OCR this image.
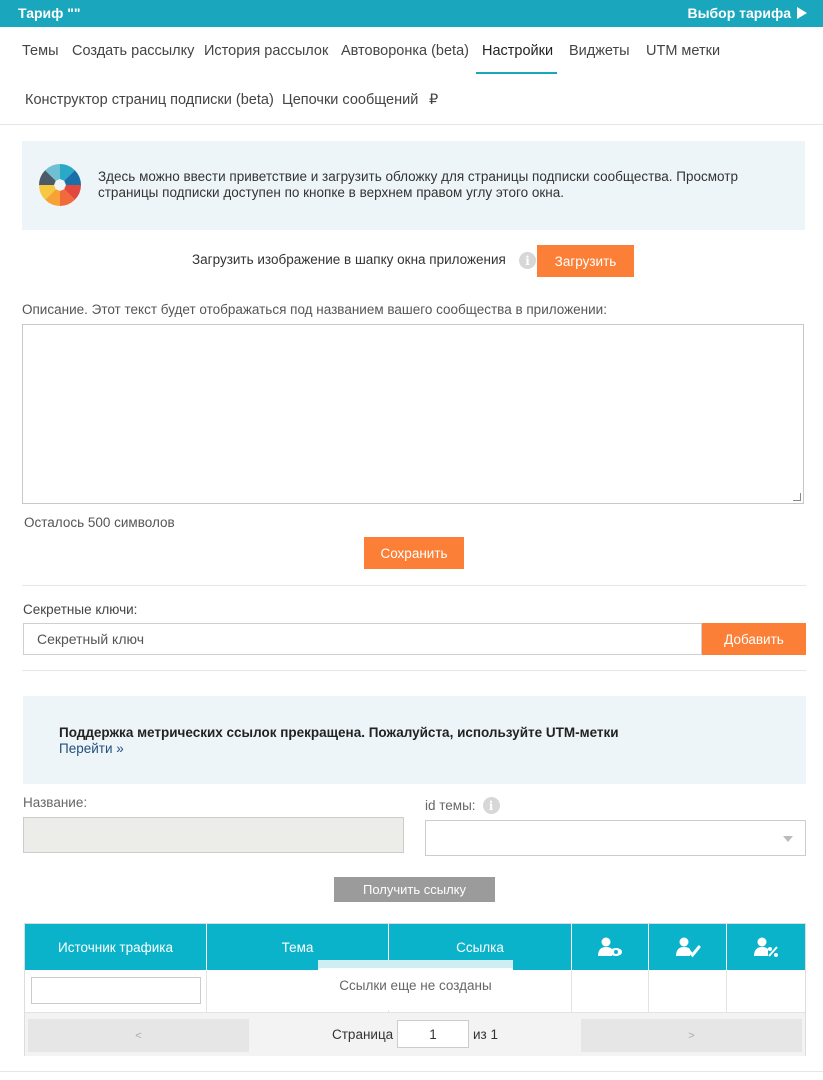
Тариф ""	Выбор тарифа
Темы Создать рассылку История рассылок Автоворонка (beta) Настройки Виджеты UTM метки
Конструктор страниц подписки (beta) Цепочки сообщений ₽
Здесь можно ввести приветствие и загрузить обложку для страницы подписки сообщества. Просмотр страницы подписки доступен по кнопке в верхнем правом углу этого окна.
Загрузить изображение в шапку окна приложения	i	Загрузить
Описание. Этот текст будет отображаться под названием вашего сообщества в приложении:
Осталось 500 символов
Сохранить
Секретные ключи:
Секретный ключ	Добавить
Поддержка метрических ссылок прекращена. Пожалуйста, используйте UTM-метки
Перейти »
Название:	id темы:	i
Получить ссылку
Источник трафика	Тема	Ссылка
Ссылки еще не созданы
<	Страница	1	из 1	>
